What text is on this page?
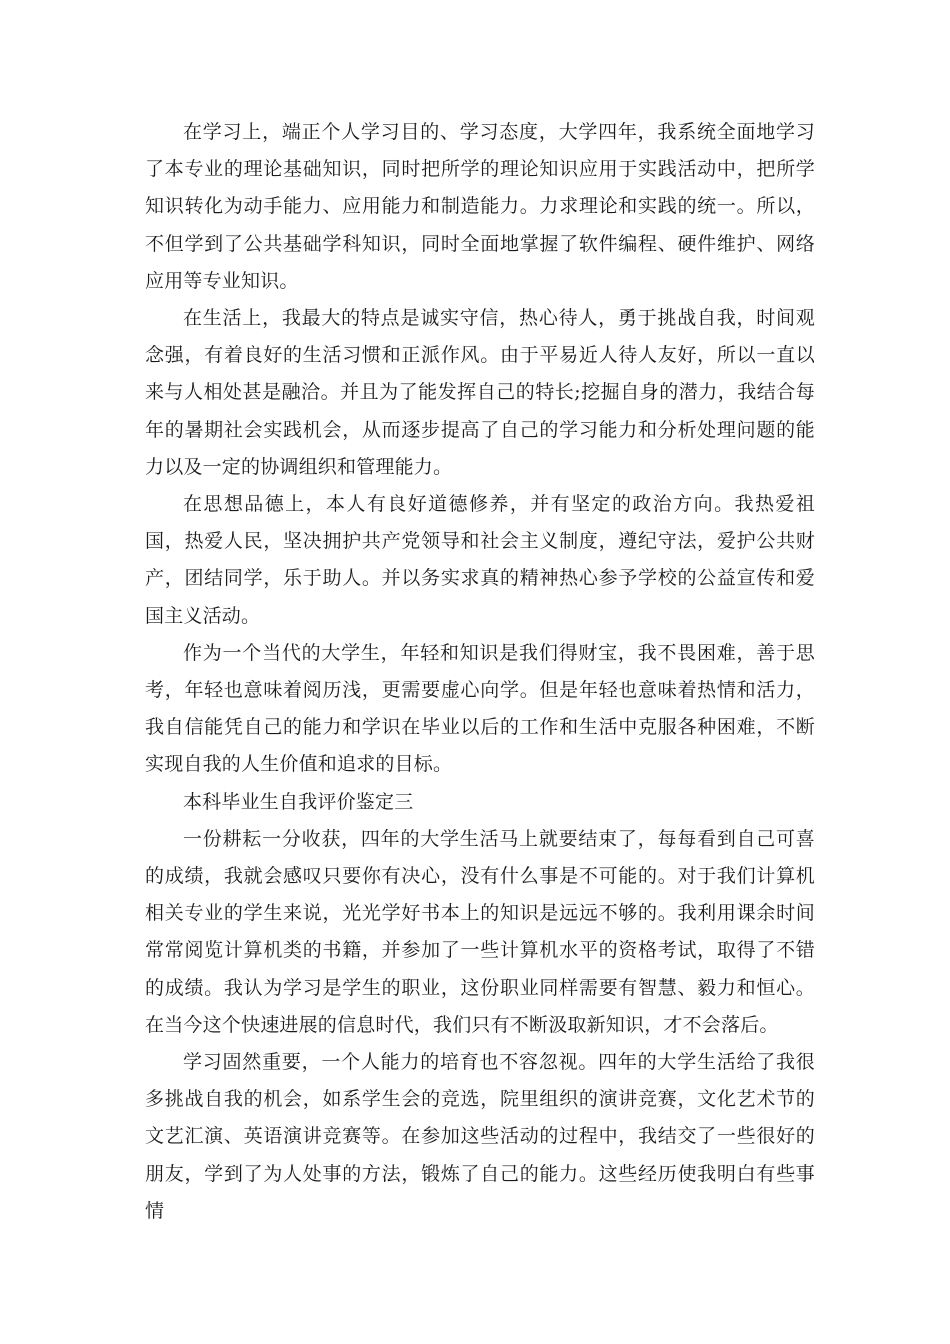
在学习上，端正个人学习目的、学习态度，大学四年，我系统全面地学习了本专业的理论基础知识，同时把所学的理论知识应用于实践活动中，把所学知识转化为动手能力、应用能力和制造能力。力求理论和实践的统一。所以，不但学到了公共基础学科知识，同时全面地掌握了软件编程、硬件维护、网络应用等专业知识。

在生活上，我最大的特点是诚实守信，热心待人，勇于挑战自我，时间观念强，有着良好的生活习惯和正派作风。由于平易近人待人友好，所以一直以来与人相处甚是融洽。并且为了能发挥自己的特长;挖掘自身的潜力，我结合每年的暑期社会实践机会，从而逐步提高了自己的学习能力和分析处理问题的能力以及一定的协调组织和管理能力。

在思想品德上，本人有良好道德修养，并有坚定的政治方向。我热爱祖国，热爱人民，坚决拥护共产党领导和社会主义制度，遵纪守法，爱护公共财产，团结同学，乐于助人。并以务实求真的精神热心参予学校的公益宣传和爱国主义活动。

作为一个当代的大学生，年轻和知识是我们得财宝，我不畏困难，善于思考，年轻也意味着阅历浅，更需要虚心向学。但是年轻也意味着热情和活力，我自信能凭自己的能力和学识在毕业以后的工作和生活中克服各种困难，不断实现自我的人生价值和追求的目标。

本科毕业生自我评价鉴定三

一份耕耘一分收获，四年的大学生活马上就要结束了，每每看到自己可喜的成绩，我就会感叹只要你有决心，没有什么事是不可能的。对于我们计算机相关专业的学生来说，光光学好书本上的知识是远远不够的。我利用课余时间常常阅览计算机类的书籍，并参加了一些计算机水平的资格考试，取得了不错的成绩。我认为学习是学生的职业，这份职业同样需要有智慧、毅力和恒心。在当今这个快速进展的信息时代，我们只有不断汲取新知识，才不会落后。

学习固然重要，一个人能力的培育也不容忽视。四年的大学生活给了我很多挑战自我的机会，如系学生会的竞选，院里组织的演讲竞赛，文化艺术节的文艺汇演、英语演讲竞赛等。在参加这些活动的过程中，我结交了一些很好的朋友，学到了为人处事的方法，锻炼了自己的能力。这些经历使我明白有些事情
